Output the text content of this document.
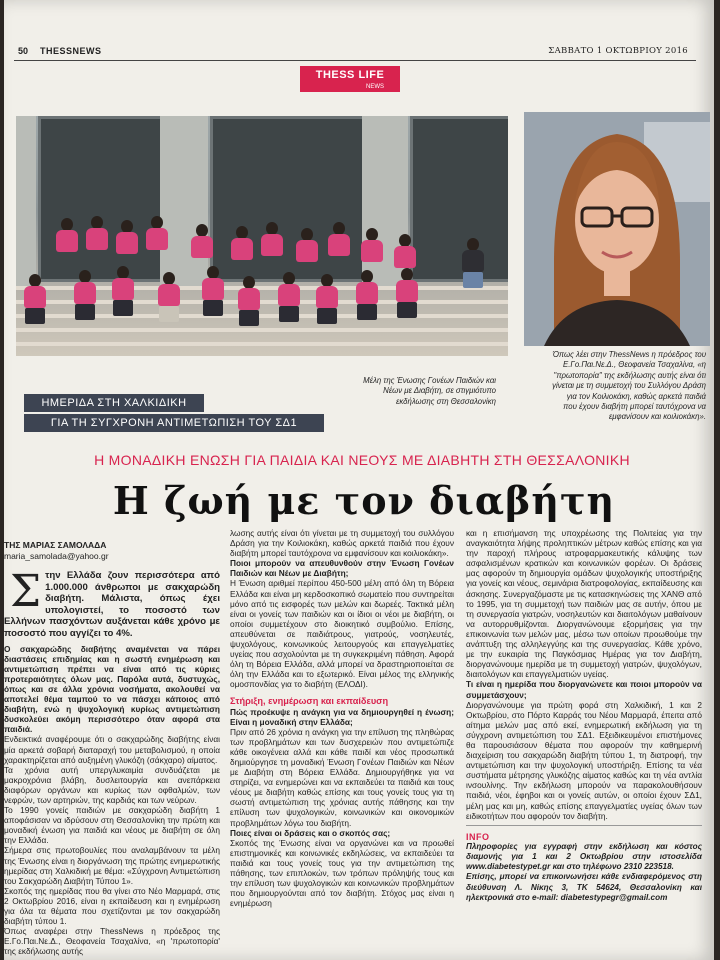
50 THESSNEWS	ΣΑΒΒΑΤΟ 1 ΟΚΤΩΒΡΙΟΥ 2016
THESS LIFE
NEWS
Όπως λέει στην ThessNews η πρόεδρος του Ε.Γο.Παι.Νε.Δ., Θεοφανεία Τσαχαλίνα, «η "πρωτοπορία" της εκδήλωσης αυτής είναι ότι γίνεται με τη συμμετοχή του Συλλόγου Δράση για τον Κοιλιοκάκη, καθώς αρκετά παιδιά που έχουν διαβήτη μπορεί ταυτόχρονα να εμφανίσουν και κοιλιοκάκη».
Μέλη της Ένωσης Γονέων Παιδιών και Νέων με Διαβήτη, σε στιγμιότυπο εκδήλωσης στη Θεσσαλονίκη
ΗΜΕΡΙΔΑ ΣΤΗ ΧΑΛΚΙΔΙΚΗ
ΓΙΑ ΤΗ ΣΥΓΧΡΟΝΗ ΑΝΤΙΜΕΤΩΠΙΣΗ ΤΟΥ ΣΔ1
Η ΜΟΝΑΔΙΚΗ ΕΝΩΣΗ ΓΙΑ ΠΑΙΔΙΑ ΚΑΙ ΝΕΟΥΣ ΜΕ ΔΙΑΒΗΤΗ ΣΤΗ ΘΕΣΣΑΛΟΝΙΚΗ
Η ζωή με τον διαβήτη
ΤΗΣ ΜΑΡΙΑΣ ΣΑΜΟΛΑΔΑ
maria_samolada@yahoo.gr
Σ την Ελλάδα ζουν περισσότερα από 1.000.000 άνθρωποι με σακχαρώδη διαβήτη. Μάλιστα, όπως έχει υπολογιστεί, το ποσοστό των Ελλήνων πασχόντων αυξάνεται κάθε χρόνο με ποσοστό που αγγίζει το 4%.

Ο σακχαρώδης διαβήτης αναμένεται να πάρει διαστάσεις επιδημίας και η σωστή ενημέρωση και αντιμετώπιση πρέπει να είναι από τις κύριες προτεραιότητες όλων μας. Παρόλα αυτά, δυστυχώς, όπως και σε άλλα χρόνια νοσήματα, ακολουθεί να αποτελεί θέμα ταμπού το να πάσχει κάποιος από διαβήτη, ενώ η ψυχολογική κυρίως αντιμετώπιση δυσκολεύει ακόμη περισσότερο όταν αφορά στα παιδιά.

Ενδεικτικά αναφέρουμε ότι ο σακχαρώδης διαβήτης είναι μία αρκετά σοβαρή διαταραχή του μεταβολισμού, η οποία χαρακτηρίζεται από αυξημένη γλυκόζη (σάκχαρο) αίματος.

Τα χρόνια αυτή υπεργλυκαιμία συνδυάζεται με μακροχρόνια βλάβη, δυσλειτουργία και ανεπάρκεια διαφόρων οργάνων και κυρίως των οφθαλμών, των νεφρών, των αρτηριών, της καρδιάς και των νεύρων.

Το 1990 γονείς παιδιών με σακχαρώδη διαβήτη 1 αποφάσισαν να ιδρύσουν στη Θεσσαλονίκη την πρώτη και μοναδική ένωση για παιδιά και νέους με διαβήτη σε όλη την Ελλάδα.

Σήμερα στις πρωτοβουλίες που αναλαμβάνουν τα μέλη της Ένωσης είναι η διοργάνωση της πρώτης ενημερωτικής ημερίδας στη Χαλκιδική με θέμα: «Σύγχρονη Αντιμετώπιση του Σακχαρώδη Διαβήτη Τύπου 1».

Σκοπός της ημερίδας που θα γίνει στο Νέο Μαρμαρά, στις 2 Οκτωβρίου 2016, είναι η εκπαίδευση και η ενημέρωση για όλα τα θέματα που σχετίζονται με τον σακχαρώδη διαβήτη τύπου 1.

Όπως αναφέρει στην ThessNews η πρόεδρος της Ε.Γο.Παι.Νε.Δ., Θεοφανεία Τσαχαλίνα, «η 'πρωτοπορία' της εκδήλωσης αυτής

λωσης αυτής είναι ότι γίνεται με τη συμμετοχή του συλλόγου Δράση για την Κοιλιοκάκη, καθώς αρκετά παιδιά που έχουν διαβήτη μπορεί ταυτόχρονα να εμφανίσουν και κοιλιοκάκη».

Ποιοι μπορούν να απευθυνθούν στην Ένωση Γονέων Παιδιών και Νέων με Διαβήτη;

Η Ένωση αριθμεί περίπου 450-500 μέλη από όλη τη Βόρεια Ελλάδα και είναι μη κερδοσκοπικό σωματείο που συντηρείται μόνο από τις εισφορές των μελών και δωρεές. Τακτικά μέλη είναι οι γονείς των παιδιών και οι ίδιοι οι νέοι με διαβήτη, οι οποίοι συμμετέχουν στο διοικητικό συμβούλιο. Επίσης, απευθύνεται σε παιδιάτρους, γιατρούς, νοσηλευτές, ψυχολόγους, κοινωνικούς λειτουργούς και επαγγελματίες υγείας που ασχολούνται με τη συγκεκριμένη πάθηση. Αφορά όλη τη Βόρεια Ελλάδα, αλλά μπορεί να δραστηριοποιείται σε όλη την Ελλάδα και το εξωτερικό. Είναι μέλος της ελληνικής ομοσπονδίας για το διαβήτη (ΕΛΟΔΙ).

Στήριξη, ενημέρωση και εκπαίδευση

Πώς προέκυψε η ανάγκη για να δημιουργηθεί η ένωση; Είναι η μοναδική στην Ελλάδα;

Πριν από 26 χρόνια η ανάγκη για την επίλυση της πληθώρας των προβλημάτων και των δυσχερειών που αντιμετώπιζε κάθε οικογένεια αλλά και κάθε παιδί και νέος προσωπικά δημιούργησε τη μοναδική Ένωση Γονέων Παιδιών και Νέων με Διαβήτη στη Βόρεια Ελλάδα. Δημιουργήθηκε για να στηρίζει, να ενημερώνει και να εκπαιδεύει τα παιδιά και τους νέους με διαβήτη καθώς επίσης και τους γονείς τους για τη σωστή αντιμετώπιση της χρόνιας αυτής πάθησης και την επίλυση των ψυχολογικών, κοινωνικών και οικονομικών προβλημάτων λόγω του διαβήτη.

Ποιες είναι οι δράσεις και ο σκοπός σας;

Σκοπός της Ένωσης είναι να οργανώνει και να προωθεί επιστημονικές και κοινωνικές εκδηλώσεις, να εκπαιδεύει τα παιδιά και τους γονείς τους για την αντιμετώπιση της πάθησης, των επιπλοκών, των τρόπων πρόληψής τους και την επίλυση των ψυχολογικών και κοινωνικών προβλημάτων που δημιουργούνται από τον διαβήτη. Στόχος μας είναι η ενημέρωση

και η επισήμανση της υποχρέωσης της Πολιτείας για την αναγκαιότητα λήψης προληπτικών μέτρων καθώς επίσης και για την παροχή πλήρους ιατροφαρμακευτικής κάλυψης των ασφαλισμένων κρατικών και κοινωνικών φορέων. Οι δράσεις μας αφορούν τη δημιουργία ομάδων ψυχολογικής υποστήριξης για γονείς και νέους, σεμινάρια διατροφολογίας, εκπαίδευσης και άσκησης. Συνεργαζόμαστε με τις κατασκηνώσεις της ΧΑΝΘ από το 1995, για τη συμμετοχή των παιδιών μας σε αυτήν, όπου με τη συνεργασία γιατρών, νοσηλευτών και διαιτολόγων μαθαίνουν να αυτορρυθμίζονται. Διοργανώνουμε εξορμήσεις για την επικοινωνία των μελών μας, μέσω των οποίων προωθούμε την ανάπτυξη της αλληλεγγύης και της συνεργασίας. Κάθε χρόνο, με την ευκαιρία της Παγκόσμιας Ημέρας για τον Διαβήτη, διοργανώνουμε ημερίδα με τη συμμετοχή γιατρών, ψυχολόγων, διαιτολόγων και επαγγελματιών υγείας.

Τι είναι η ημερίδα που διοργανώνετε και ποιοι μπορούν να συμμετάσχουν;

Διοργανώνουμε για πρώτη φορά στη Χαλκιδική, 1 και 2 Οκτωβρίου, στο Πόρτο Καρράς του Νέου Μαρμαρά, έπειτα από αίτημα μελών μας από εκεί, ενημερωτική εκδήλωση για τη σύγχρονη αντιμετώπιση του ΣΔ1. Εξειδικευμένοι επιστήμονες θα παρουσιάσουν θέματα που αφορούν την καθημερινή διαχείριση του σακχαρώδη διαβήτη τύπου 1, τη διατροφή, την αντιμετώπιση και την ψυχολογική υποστήριξη. Επίσης τα νέα συστήματα μέτρησης γλυκόζης αίματος καθώς και τη νέα αντλία ινσουλίνης. Την εκδήλωση μπορούν να παρακολουθήσουν παιδιά, νέοι, έφηβοι και οι γονείς αυτών, οι οποίοι έχουν ΣΔ1, μέλη μας και μη, καθώς επίσης επαγγελματίες υγείας όλων των ειδικοτήτων που αφορούν τον διαβήτη.

INFO

Πληροφορίες για εγγραφή στην εκδήλωση και κόστος διαμονής για 1 και 2 Οκτωβρίου στην ιστοσελίδα www.diabetestypet.gr και στο τηλέφωνο 2310 223518.

Επίσης, μπορεί να επικοινωνήσει κάθε ενδιαφερόμενος στη διεύθυνση Λ. Νίκης 3, ΤΚ 54624, Θεσσαλονίκη και ηλεκτρονικά στο e-mail: diabetestypegr@gmail.com
